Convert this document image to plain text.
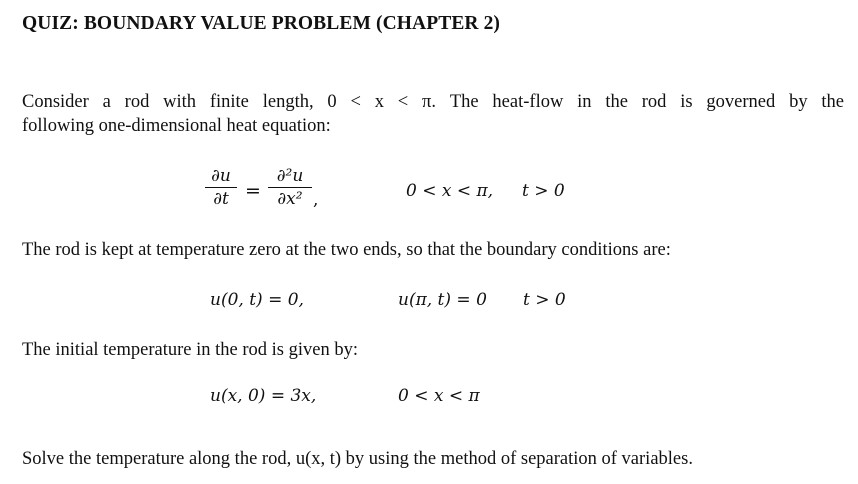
QUIZ: BOUNDARY VALUE PROBLEM (CHAPTER 2)
Consider a rod with finite length, 0 < x < π. The heat-flow in the rod is governed by the
following one-dimensional heat equation:
∂u
∂t =
∂²u
∂x² ,	0 < x < π, t > 0
The rod is kept at temperature zero at the two ends, so that the boundary conditions are:
u(0, t) = 0,	u(π, t) = 0 t > 0
The initial temperature in the rod is given by:
u(x, 0) = 3x,	0 < x < π
Solve the temperature along the rod, u(x, t) by using the method of separation of variables.
